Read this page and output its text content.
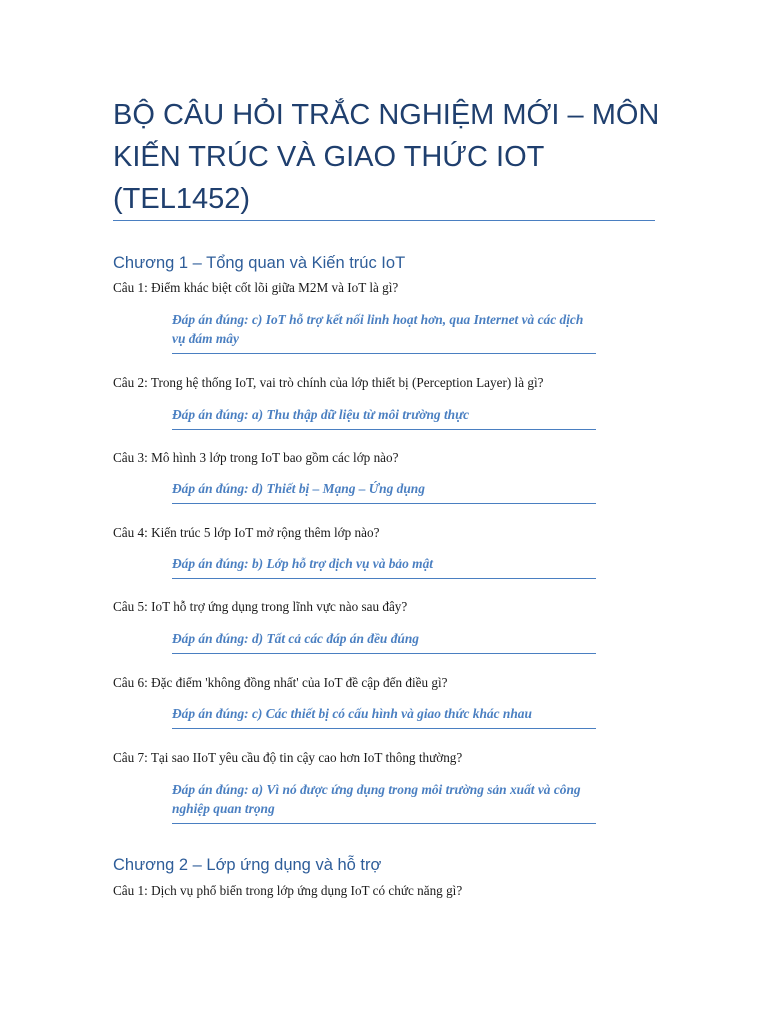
BỘ CÂU HỎI TRẮC NGHIỆM MỚI – MÔN KIẾN TRÚC VÀ GIAO THỨC IOT (TEL1452)
Chương 1 – Tổng quan và Kiến trúc IoT

Câu 1: Điểm khác biệt cốt lõi giữa M2M và IoT là gì?

Đáp án đúng: c) IoT hỗ trợ kết nối linh hoạt hơn, qua Internet và các dịch vụ đám mây

Câu 2: Trong hệ thống IoT, vai trò chính của lớp thiết bị (Perception Layer) là gì?

Đáp án đúng: a) Thu thập dữ liệu từ môi trường thực

Câu 3: Mô hình 3 lớp trong IoT bao gồm các lớp nào?

Đáp án đúng: d) Thiết bị – Mạng – Ứng dụng

Câu 4: Kiến trúc 5 lớp IoT mở rộng thêm lớp nào?

Đáp án đúng: b) Lớp hỗ trợ dịch vụ và bảo mật

Câu 5: IoT hỗ trợ ứng dụng trong lĩnh vực nào sau đây?

Đáp án đúng: d) Tất cả các đáp án đều đúng

Câu 6: Đặc điểm 'không đồng nhất' của IoT đề cập đến điều gì?

Đáp án đúng: c) Các thiết bị có cấu hình và giao thức khác nhau

Câu 7: Tại sao IIoT yêu cầu độ tin cậy cao hơn IoT thông thường?

Đáp án đúng: a) Vì nó được ứng dụng trong môi trường sản xuất và công nghiệp quan trọng

Chương 2 – Lớp ứng dụng và hỗ trợ

Câu 1: Dịch vụ phổ biến trong lớp ứng dụng IoT có chức năng gì?
